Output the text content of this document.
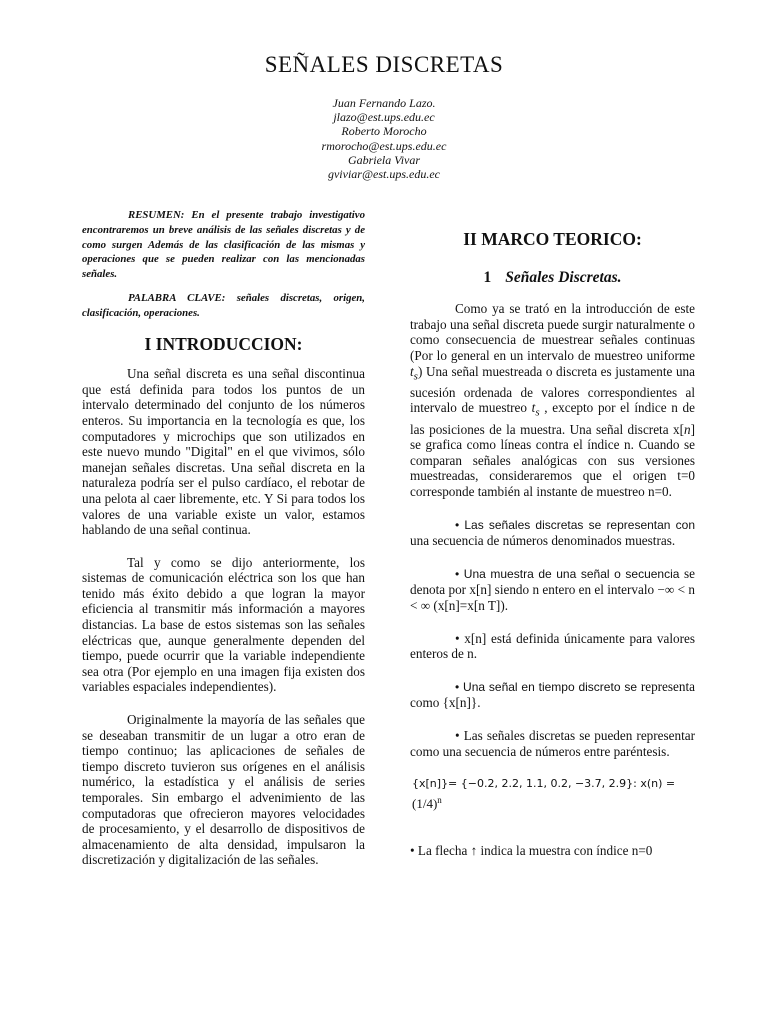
SEÑALES DISCRETAS
Juan Fernando Lazo.
jlazo@est.ups.edu.ec
Roberto Morocho
rmorocho@est.ups.edu.ec
Gabriela Vivar
gviviar@est.ups.edu.ec

RESUMEN: En el presente trabajo investigativo encontraremos un breve análisis de las señales discretas y de como surgen Además de las clasificación de las mismas y operaciones que se pueden realizar con las mencionadas señales.

PALABRA CLAVE: señales discretas, origen, clasificación, operaciones.

I INTRODUCCION:

Una señal discreta es una señal discontinua que está definida para todos los puntos de un intervalo determinado del conjunto de los números enteros. Su importancia en la tecnología es que, los computadores y microchips que son utilizados en este nuevo mundo "Digital" en el que vivimos, sólo manejan señales discretas. Una señal discreta en la naturaleza podría ser el pulso cardíaco, el rebotar de una pelota al caer libremente, etc. Y Si para todos los valores de una variable existe un valor, estamos hablando de una señal continua.

Tal y como se dijo anteriormente, los sistemas de comunicación eléctrica son los que han tenido más éxito debido a que logran la mayor eficiencia al transmitir más información a mayores distancias. La base de estos sistemas son las señales eléctricas que, aunque generalmente dependen del tiempo, puede ocurrir que la variable independiente sea otra (Por ejemplo en una imagen fija existen dos variables espaciales independientes).

Originalmente la mayoría de las señales que se deseaban transmitir de un lugar a otro eran de tiempo continuo; las aplicaciones de señales de tiempo discreto tuvieron sus orígenes en el análisis numérico, la estadística y el análisis de series temporales. Sin embargo el advenimiento de las computadoras que ofrecieron mayores velocidades de procesamiento, y el desarrollo de dispositivos de almacenamiento de alta densidad, impulsaron la discretización y digitalización de las señales.

II MARCO TEORICO:
1 Señales Discretas.

Como ya se trató en la introducción de este trabajo una señal discreta puede surgir naturalmente o como consecuencia de muestrear señales continuas (Por lo general en un intervalo de muestreo uniforme $t_s$) Una señal muestreada o discreta es justamente una sucesión ordenada de valores correspondientes al intervalo de muestreo $t_s$ , excepto por el índice n de las posiciones de la muestra. Una señal discreta x[n] se grafica como líneas contra el índice n. Cuando se comparan señales analógicas con sus versiones muestreadas, consideraremos que el origen t=0 corresponde también al instante de muestreo n=0.

• Las señales discretas se representan con una secuencia de números denominados muestras.

• Una muestra de una señal o secuencia se denota por x[n] siendo n entero en el intervalo −∞ < n < ∞ (x[n]=x[n T]).

• x[n] está definida únicamente para valores enteros de n.

• Una señal en tiempo discreto se representa como {x[n]}.

• Las señales discretas se pueden representar como una secuencia de números entre paréntesis.

{x[n]}= {−0.2, 2.2, 1.1, 0.2, −3.7, 2.9}: $x(n) = (1/4)^n$
• La flecha ↑ indica la muestra con índice n=0
